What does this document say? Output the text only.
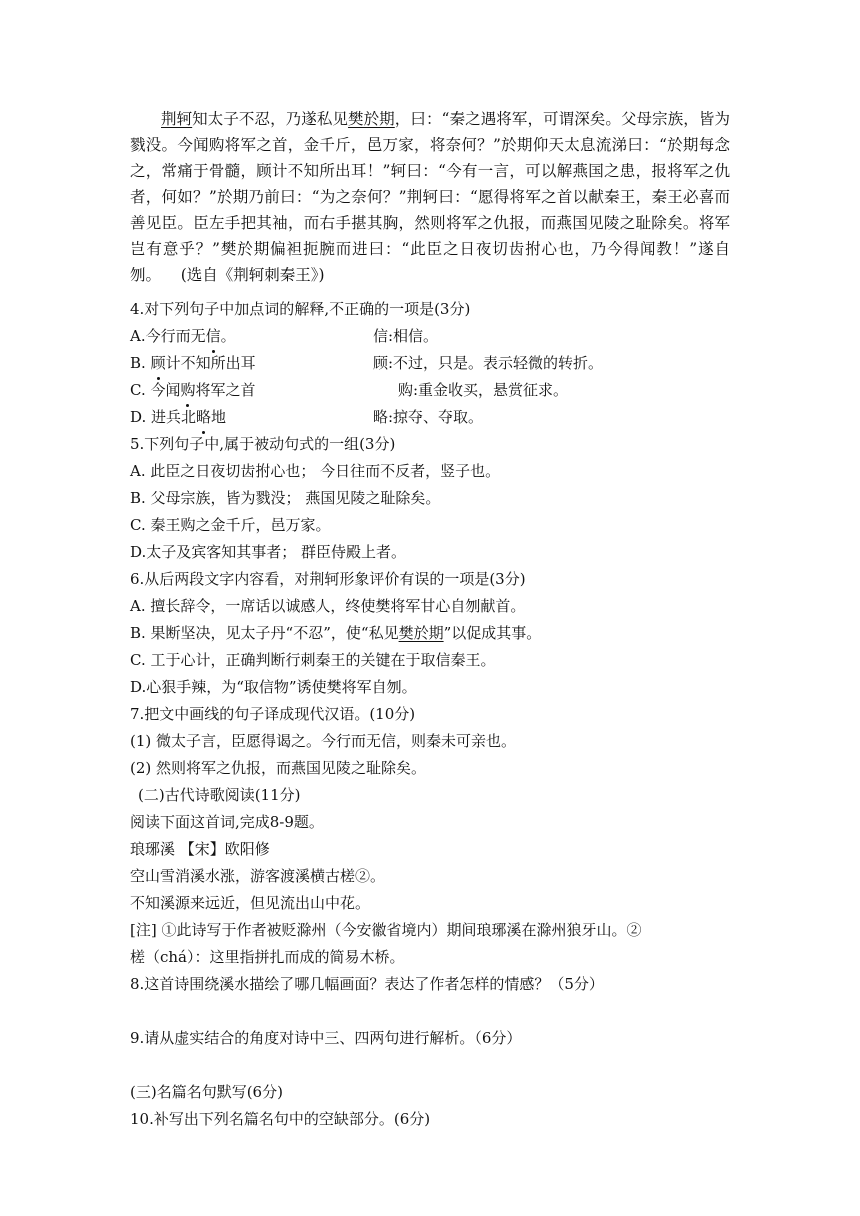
荆轲知太子不忍，乃遂私见樊於期，曰：“秦之遇将军，可谓深矣。父母宗族，皆为戮没。今闻购将军之首，金千斤，邑万家，将奈何？”於期仰天太息流涕曰：“於期每念之，常痛于骨髓，顾计不知所出耳！”轲曰：“今有一言，可以解燕国之患，报将军之仇者，何如？”於期乃前曰：“为之奈何？”荆轲曰：“愿得将军之首以献秦王，秦王必喜而善见臣。臣左手把其袖，而右手揕其胸，然则将军之仇报，而燕国见陵之耻除矣。将军岂有意乎？”樊於期偏袒扼腕而进曰：“此臣之日夜切齿拊心也，乃今得闻教！”遂自刎。 (选自《荆轲刺秦王》)
4.对下列句子中加点词的解释,不正确的一项是(3分)
A.今行而无信。	信:相信。
B. 顾计不知所出耳	顾:不过，只是。表示轻微的转折。
C. 今闻购将军之首	购:重金收买，悬赏征求。
D. 进兵北略地	略:掠夺、夺取。
5.下列句子中,属于被动句式的一组(3分)
A. 此臣之日夜切齿拊心也； 今日往而不反者，竖子也。
B. 父母宗族，皆为戮没； 燕国见陵之耻除矣。
C. 秦王购之金千斤，邑万家。
D.太子及宾客知其事者； 群臣侍殿上者。
6.从后两段文字内容看，对荆轲形象评价有误的一项是(3分)
A. 擅长辞令，一席话以诚感人，终使樊将军甘心自刎献首。
B. 果断坚决，见太子丹“不忍”，使“私见樊於期”以促成其事。
C. 工于心计，正确判断行刺秦王的关键在于取信秦王。
D.心狠手辣，为“取信物”诱使樊将军自刎。
7.把文中画线的句子译成现代汉语。(10分)
(1) 微太子言，臣愿得谒之。今行而无信，则秦未可亲也。
(2) 然则将军之仇报，而燕国见陵之耻除矣。
(二)古代诗歌阅读(11分)
阅读下面这首词,完成8-9题。
琅琊溪 【宋】欧阳修
空山雪消溪水涨，游客渡溪横古槎②。
不知溪源来远近，但见流出山中花。
[注] ①此诗写于作者被贬滁州（今安徽省境内）期间琅琊溪在滁州狼牙山。②
槎（chá）：这里指拼扎而成的简易木桥。
8.这首诗围绕溪水描绘了哪几幅画面？表达了作者怎样的情感？（5分）
9.请从虚实结合的角度对诗中三、四两句进行解析。（6分）
(三)名篇名句默写(6分)
10.补写出下列名篇名句中的空缺部分。(6分)
